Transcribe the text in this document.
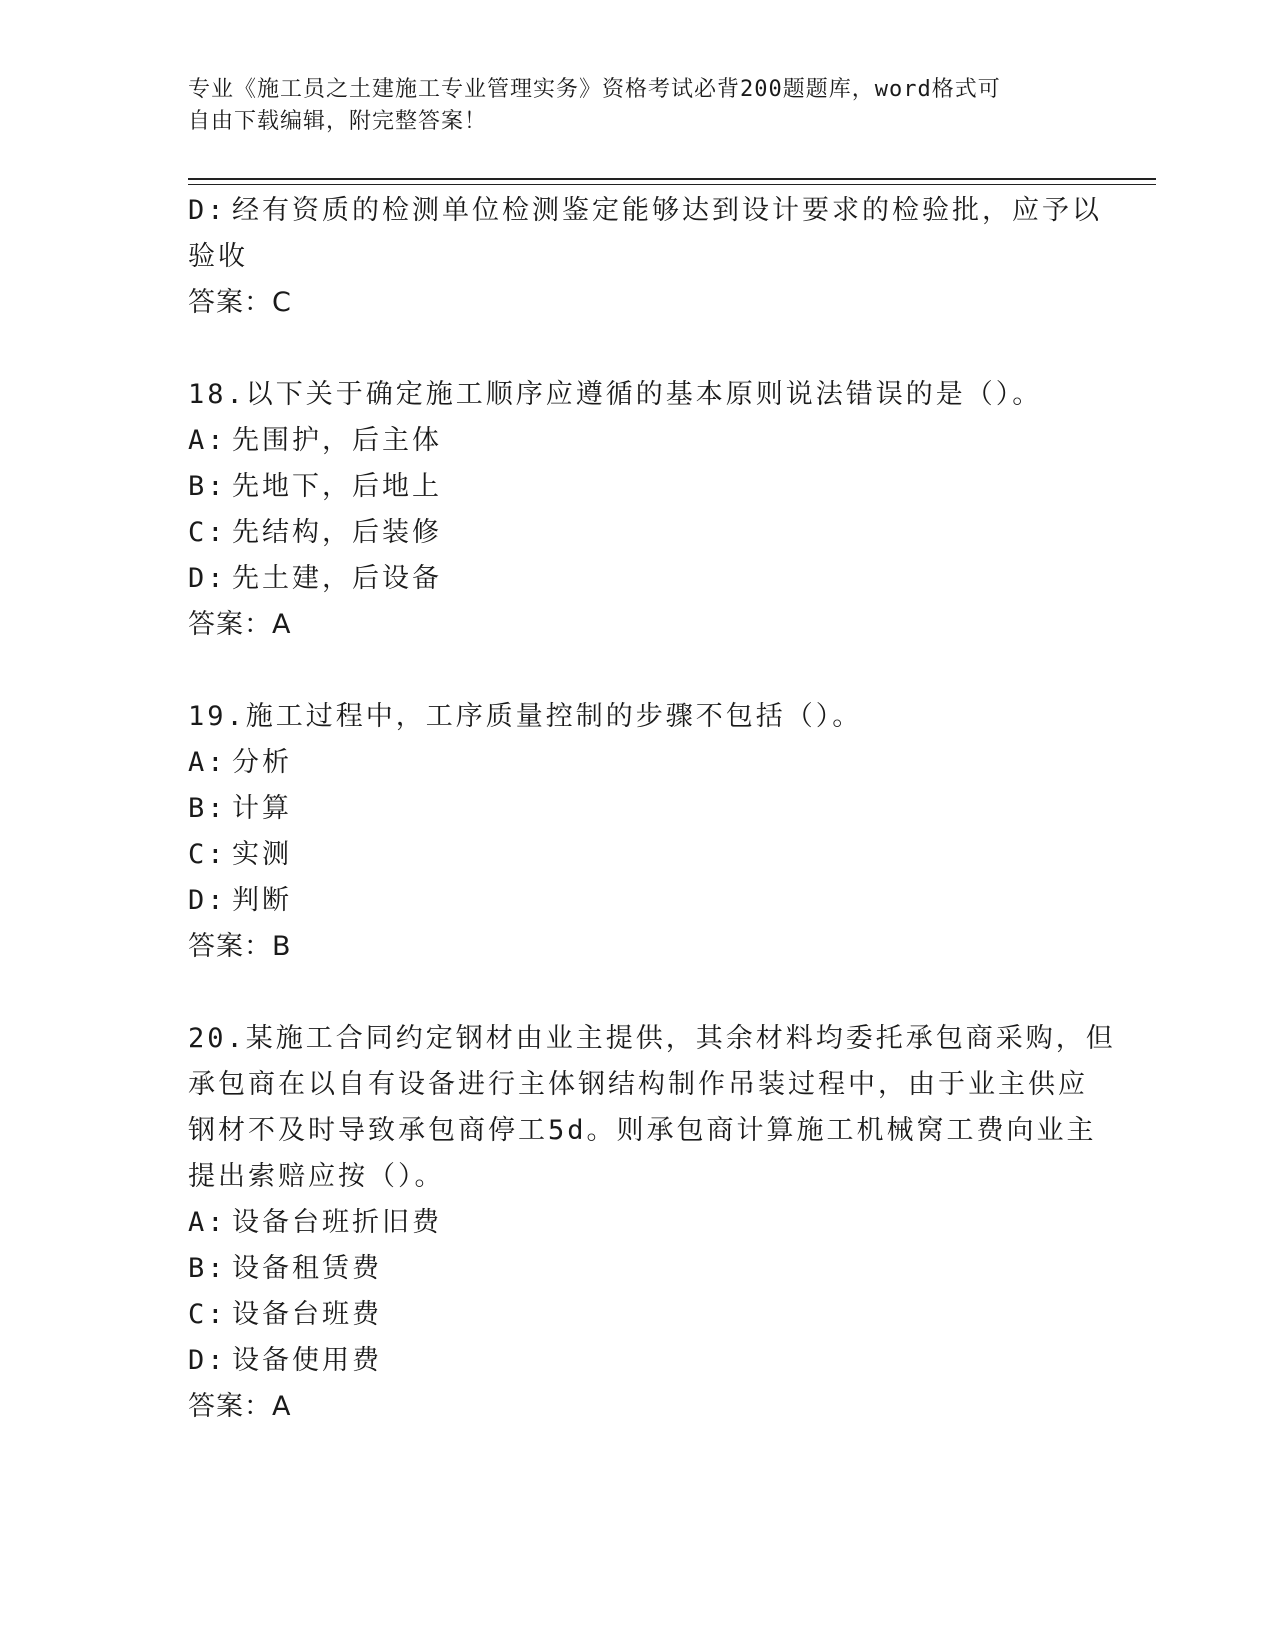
专业《施工员之土建施工专业管理实务》资格考试必背200题题库，word格式可
自由下载编辑，附完整答案！
D: 经有资质的检测单位检测鉴定能够达到设计要求的检验批，应予以
验收
答案：C
18.以下关于确定施工顺序应遵循的基本原则说法错误的是（）。
A: 先围护，后主体
B: 先地下，后地上
C: 先结构，后装修
D: 先土建，后设备
答案：A
19.施工过程中，工序质量控制的步骤不包括（）。
A: 分析
B: 计算
C: 实测
D: 判断
答案：B
20.某施工合同约定钢材由业主提供，其余材料均委托承包商采购，但
承包商在以自有设备进行主体钢结构制作吊装过程中，由于业主供应
钢材不及时导致承包商停工5d。则承包商计算施工机械窝工费向业主
提出索赔应按（）。
A: 设备台班折旧费
B: 设备租赁费
C: 设备台班费
D: 设备使用费
答案：A
